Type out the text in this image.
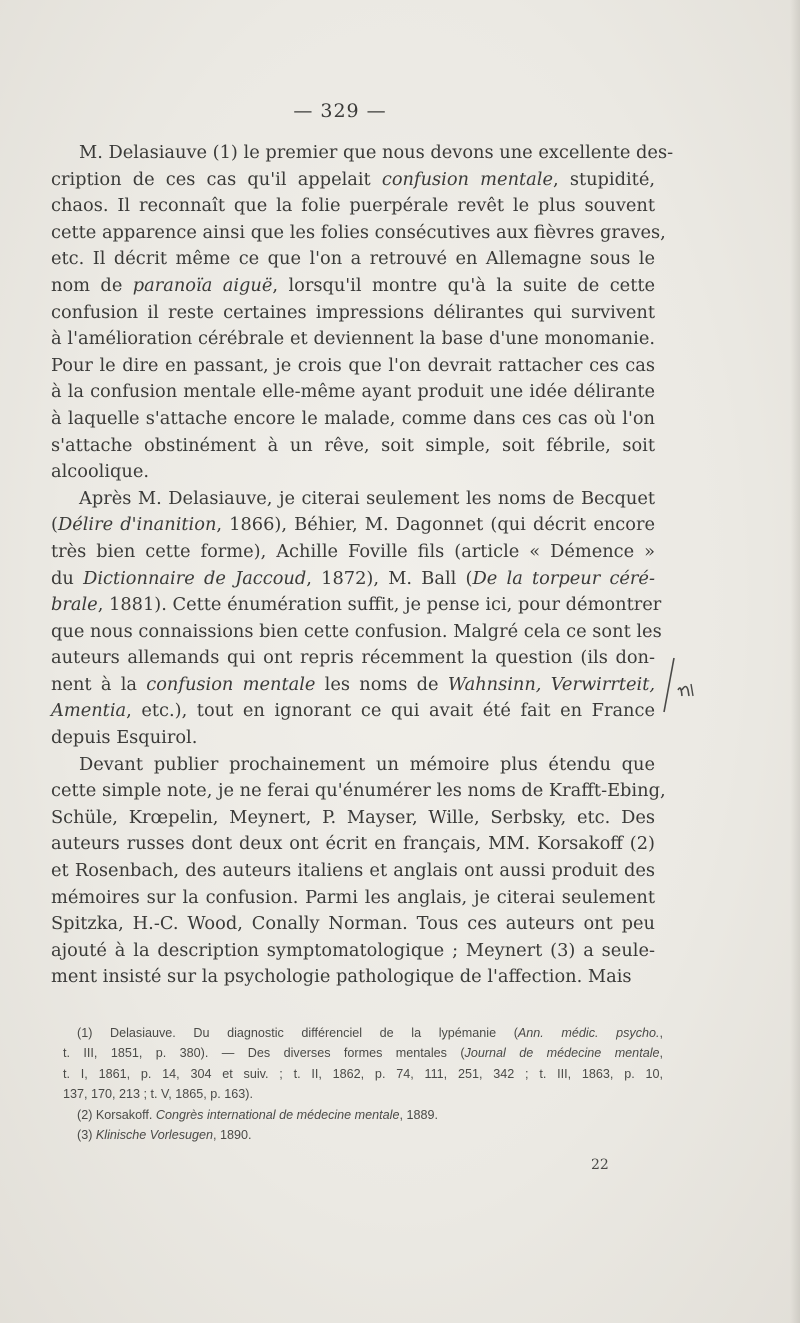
— 329 —
M. Delasiauve (1) le premier que nous devons une excellente des-
cription de ces cas qu'il appelait confusion mentale, stupidité,
chaos. Il reconnaît que la folie puerpérale revêt le plus souvent
cette apparence ainsi que les folies consécutives aux fièvres graves,
etc. Il décrit même ce que l'on a retrouvé en Allemagne sous le
nom de paranoïa aiguë, lorsqu'il montre qu'à la suite de cette
confusion il reste certaines impressions délirantes qui survivent
à l'amélioration cérébrale et deviennent la base d'une monomanie.
Pour le dire en passant, je crois que l'on devrait rattacher ces cas
à la confusion mentale elle-même ayant produit une idée délirante
à laquelle s'attache encore le malade, comme dans ces cas où l'on
s'attache obstinément à un rêve, soit simple, soit fébrile, soit
alcoolique.
Après M. Delasiauve, je citerai seulement les noms de Becquet
(Délire d'inanition, 1866), Béhier, M. Dagonnet (qui décrit encore
très bien cette forme), Achille Foville fils (article « Démence »
du Dictionnaire de Jaccoud, 1872), M. Ball (De la torpeur céré-
brale, 1881). Cette énumération suffit, je pense ici, pour démontrer
que nous connaissions bien cette confusion. Malgré cela ce sont les
auteurs allemands qui ont repris récemment la question (ils don-
nent à la confusion mentale les noms de Wahnsinn, Verwirrteit,
Amentia, etc.), tout en ignorant ce qui avait été fait en France
depuis Esquirol.
Devant publier prochainement un mémoire plus étendu que
cette simple note, je ne ferai qu'énumérer les noms de Krafft-Ebing,
Schüle, Krœpelin, Meynert, P. Mayser, Wille, Serbsky, etc. Des
auteurs russes dont deux ont écrit en français, MM. Korsakoff (2)
et Rosenbach, des auteurs italiens et anglais ont aussi produit des
mémoires sur la confusion. Parmi les anglais, je citerai seulement
Spitzka, H.-C. Wood, Conally Norman. Tous ces auteurs ont peu
ajouté à la description symptomatologique ; Meynert (3) a seule-
ment insisté sur la psychologie pathologique de l'affection. Mais
(1) Delasiauve. Du diagnostic différenciel de la lypémanie (Ann. médic. psycho.,
t. III, 1851, p. 380). — Des diverses formes mentales (Journal de médecine mentale,
t. I, 1861, p. 14, 304 et suiv. ; t. II, 1862, p. 74, 111, 251, 342 ; t. III, 1863, p. 10,
137, 170, 213 ; t. V, 1865, p. 163).
(2) Korsakoff. Congrès international de médecine mentale, 1889.
(3) Klinische Vorlesugen, 1890.
22
